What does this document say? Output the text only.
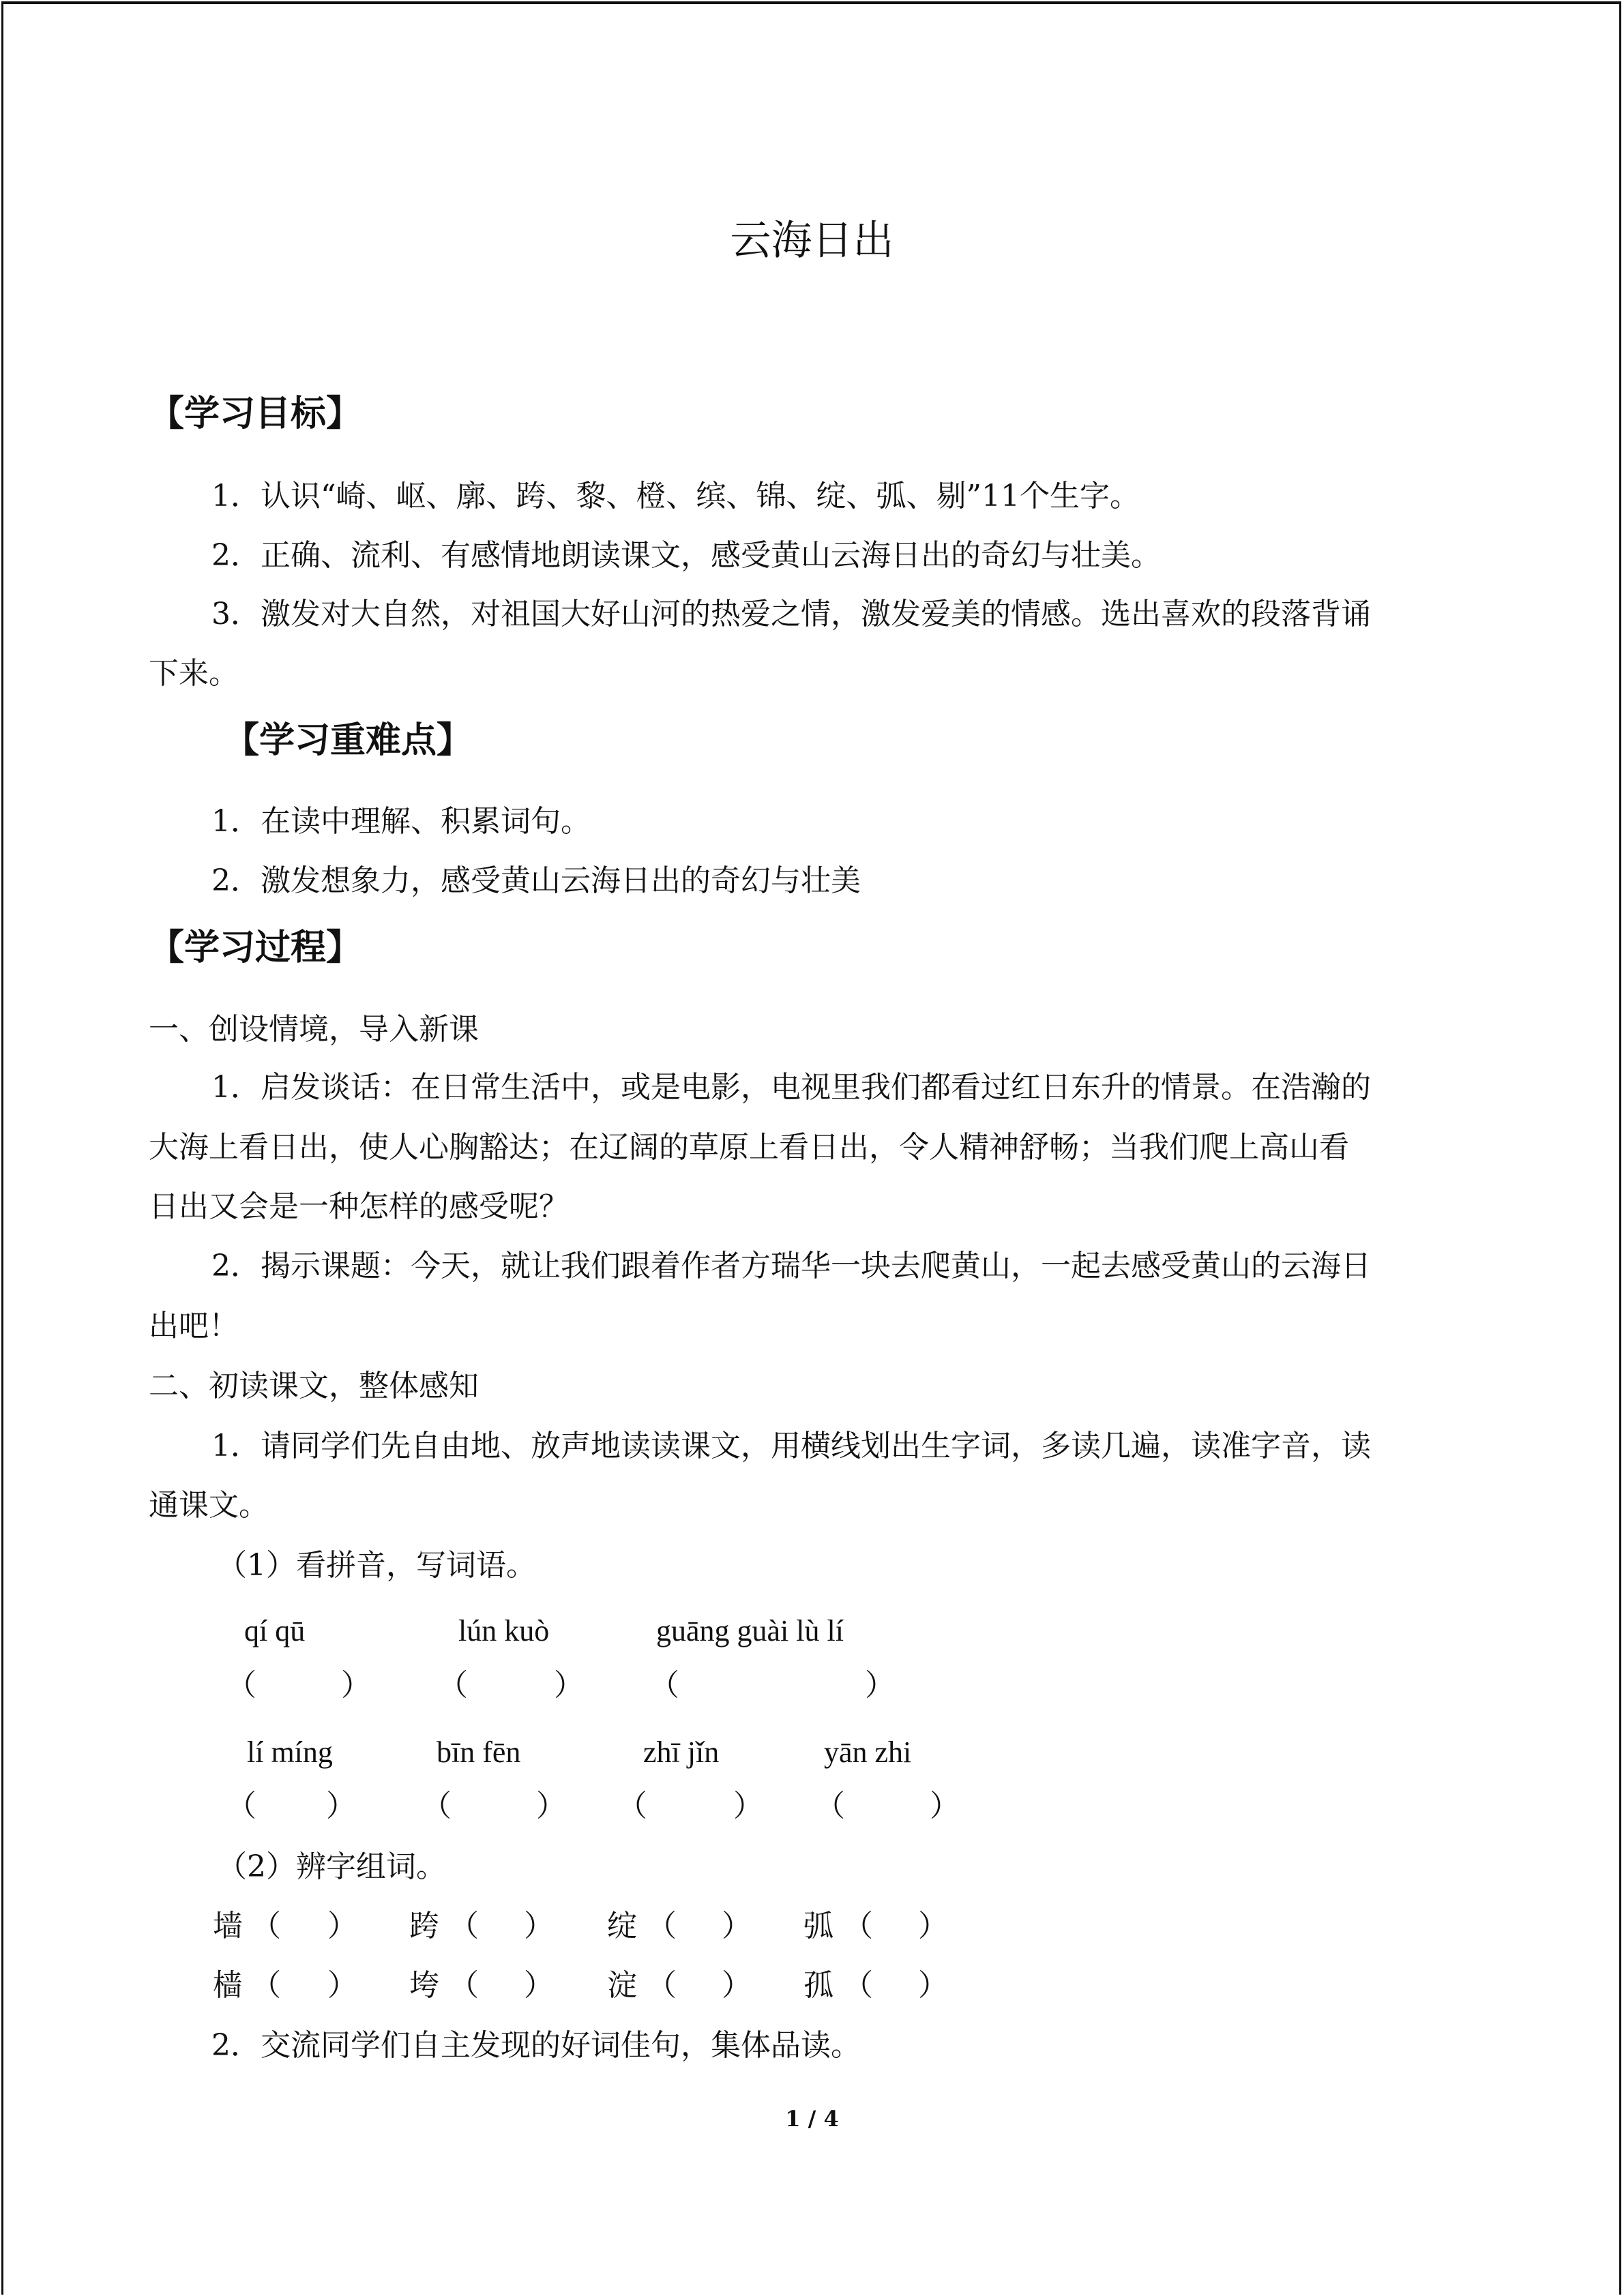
云海日出
【学习目标】
1．认识“崎、岖、廓、跨、黎、橙、缤、锦、绽、弧、剔”11个生字。
2．正确、流利、有感情地朗读课文，感受黄山云海日出的奇幻与壮美。
3．激发对大自然，对祖国大好山河的热爱之情，激发爱美的情感。选出喜欢的段落背诵
下来。
【学习重难点】
1．在读中理解、积累词句。
2．激发想象力，感受黄山云海日出的奇幻与壮美
【学习过程】
一、创设情境，导入新课
1．启发谈话：在日常生活中，或是电影，电视里我们都看过红日东升的情景。在浩瀚的
大海上看日出，使人心胸豁达；在辽阔的草原上看日出，令人精神舒畅；当我们爬上高山看
日出又会是一种怎样的感受呢？
2．揭示课题：今天，就让我们跟着作者方瑞华一块去爬黄山，一起去感受黄山的云海日
出吧！
二、初读课文，整体感知
1．请同学们先自由地、放声地读读课文，用横线划出生字词，多读几遍，读准字音，读
通课文。
（1）看拼音，写词语。
qí qū	lún kuò	guāng guài lù lí
（	） （	） （	）
lí míng	bīn fēn	zhī jǐn	yān zhi
（ ） （	） （	） （	）
（2）辨字组词。
墙 （ ） 跨 （ ） 绽 （ ） 弧 （ ）
樯 （ ） 垮 （ ） 淀 （ ） 孤 （ ）
2．交流同学们自主发现的好词佳句，集体品读。
1 / 4
